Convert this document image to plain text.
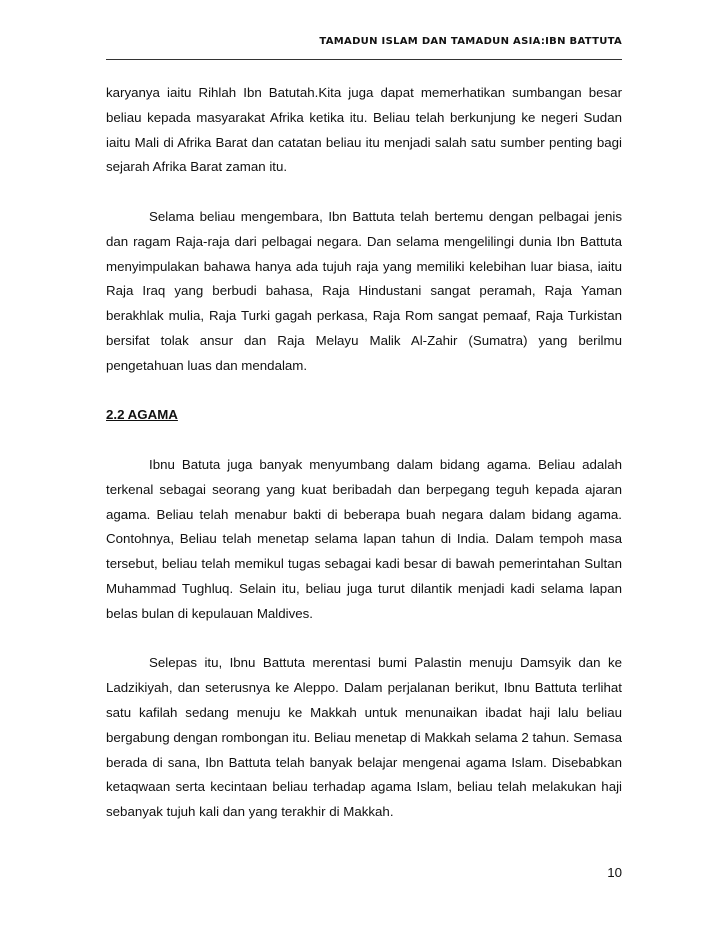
TAMADUN ISLAM DAN TAMADUN ASIA:IBN BATTUTA

karyanya iaitu Rihlah Ibn Batutah.Kita juga dapat memerhatikan sumbangan besar beliau kepada masyarakat Afrika ketika itu. Beliau telah berkunjung ke negeri Sudan iaitu Mali di Afrika Barat dan catatan beliau itu menjadi salah satu sumber penting bagi sejarah Afrika Barat zaman itu.

Selama beliau mengembara, Ibn Battuta telah bertemu dengan pelbagai jenis dan ragam Raja-raja dari pelbagai negara. Dan selama mengelilingi dunia Ibn Battuta menyimpulakan bahawa hanya ada tujuh raja yang memiliki kelebihan luar biasa, iaitu Raja Iraq yang berbudi bahasa, Raja Hindustani sangat peramah, Raja Yaman berakhlak mulia, Raja Turki gagah perkasa, Raja Rom sangat pemaaf, Raja Turkistan bersifat tolak ansur dan Raja Melayu Malik Al-Zahir (Sumatra) yang berilmu pengetahuan luas dan mendalam.

2.2 AGAMA

Ibnu Batuta juga banyak menyumbang dalam bidang agama. Beliau adalah terkenal sebagai seorang yang kuat beribadah dan berpegang teguh kepada ajaran agama. Beliau telah menabur bakti di beberapa buah negara dalam bidang agama. Contohnya, Beliau telah menetap selama lapan tahun di India. Dalam tempoh masa tersebut, beliau telah memikul tugas sebagai kadi besar di bawah pemerintahan Sultan Muhammad Tughluq. Selain itu, beliau juga turut dilantik menjadi kadi selama lapan belas bulan di kepulauan Maldives.

Selepas itu, Ibnu Battuta merentasi bumi Palastin menuju Damsyik dan ke Ladzikiyah, dan seterusnya ke Aleppo. Dalam perjalanan berikut, Ibnu Battuta terlihat satu kafilah sedang menuju ke Makkah untuk menunaikan ibadat haji lalu beliau bergabung dengan rombongan itu. Beliau menetap di Makkah selama 2 tahun. Semasa berada di sana, Ibn Battuta telah banyak belajar mengenai agama Islam. Disebabkan ketaqwaan serta kecintaan beliau terhadap agama Islam, beliau telah melakukan haji sebanyak tujuh kali dan yang terakhir di Makkah.

10
